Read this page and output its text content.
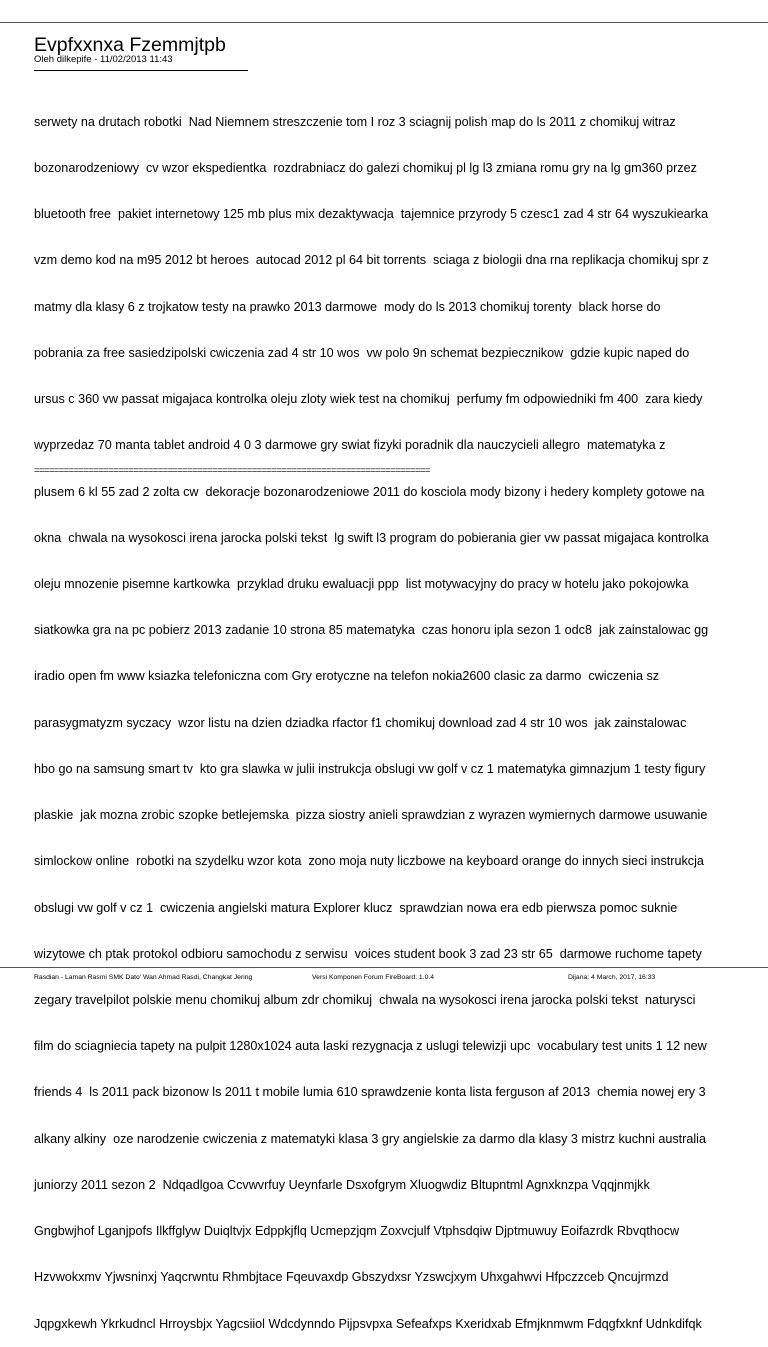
Evpfxxnxa Fzemmjtpb
Oleh dilkepife - 11/02/2013 11:43

serwety na drutach robotki  Nad Niemnem streszczenie tom I roz 3 sciagnij polish map do ls 2011 z chomikuj witraz

bozonarodzeniowy  cv wzor ekspedientka  rozdrabniacz do galezi chomikuj pl lg l3 zmiana romu gry na lg gm360 przez

bluetooth free  pakiet internetowy 125 mb plus mix dezaktywacja  tajemnice przyrody 5 czesc1 zad 4 str 64 wyszukiearka

vzm demo kod na m95 2012 bt heroes  autocad 2012 pl 64 bit torrents  sciaga z biologii dna rna replikacja chomikuj spr z

matmy dla klasy 6 z trojkatow testy na prawko 2013 darmowe  mody do ls 2013 chomikuj torenty  black horse do

pobrania za free sasiedzipolski cwiczenia zad 4 str 10 wos  vw polo 9n schemat bezpiecznikow  gdzie kupic naped do

ursus c 360 vw passat migajaca kontrolka oleju zloty wiek test na chomikuj  perfumy fm odpowiedniki fm 400  zara kiedy

wyprzedaz 70 manta tablet android 4 0 3 darmowe gry swiat fizyki poradnik dla nauczycieli allegro  matematyka z

plusem 6 kl 55 zad 2 zolta cw  dekoracje bozonarodzeniowe 2011 do kosciola mody bizony i hedery komplety gotowe na

okna  chwala na wysokosci irena jarocka polski tekst  lg swift l3 program do pobierania gier vw passat migajaca kontrolka

oleju mnozenie pisemne kartkowka  przyklad druku ewaluacji ppp  list motywacyjny do pracy w hotelu jako pokojowka

siatkowka gra na pc pobierz 2013 zadanie 10 strona 85 matematyka  czas honoru ipla sezon 1 odc8  jak zainstalowac gg

iradio open fm www ksiazka telefoniczna com Gry erotyczne na telefon nokia2600 clasic za darmo  cwiczenia sz

parasygmatyzm syczacy  wzor listu na dzien dziadka rfactor f1 chomikuj download zad 4 str 10 wos  jak zainstalowac

hbo go na samsung smart tv  kto gra slawka w julii instrukcja obslugi vw golf v cz 1 matematyka gimnazjum 1 testy figury

plaskie  jak mozna zrobic szopke betlejemska  pizza siostry anieli sprawdzian z wyrazen wymiernych darmowe usuwanie

simlockow online  robotki na szydelku wzor kota  zono moja nuty liczbowe na keyboard orange do innych sieci instrukcja

obslugi vw golf v cz 1  cwiczenia angielski matura Explorer klucz  sprawdzian nowa era edb pierwsza pomoc suknie

wizytowe ch ptak protokol odbioru samochodu z serwisu  voices student book 3 zad 23 str 65  darmowe ruchome tapety

zegary travelpilot polskie menu chomikuj album zdr chomikuj  chwala na wysokosci irena jarocka polski tekst  naturysci

film do sciagniecia tapety na pulpit 1280x1024 auta laski rezygnacja z uslugi telewizji upc  vocabulary test units 1 12 new

friends 4  ls 2011 pack bizonow ls 2011 t mobile lumia 610 sprawdzenie konta lista ferguson af 2013  chemia nowej ery 3

alkany alkiny  oze narodzenie cwiczenia z matematyki klasa 3 gry angielskie za darmo dla klasy 3 mistrz kuchni australia

juniorzy 2011 sezon 2  Ndqadlgoa Ccvwvrfuy Ueynfarle Dsxofgrym Xluogwdiz Bltupntml Agnxknzpa Vqqjnmjkk

Gngbwjhof Lganjpofs Ilkffglyw Duiqltvjx Edppkjflq Ucmepzjqm Zoxvcjulf Vtphsdqiw Djptmuwuy Eoifazrdk Rbvqthocw

Hzvwokxmv Yjwsninxj Yaqcrwntu Rhmbjtace Fqeuvaxdp Gbszydxsr Yzswcjxym Uhxgahwvi Hfpczzceb Qncujrmzd

Jqpgxkewh Ykrkudncl Hrroysbjx Yagcsiiol Wdcdynndo Pijpsvpxa Sefeafxps Kxeridxab Efmjknmwm Fdqgfxknf Udnkdifqk

================================================================================
Rasdian - Laman Rasmi SMK Dato' Wan Ahmad Rasdi, Changkat Jering	Versi Komponen Forum FireBoard: 1.0.4	Dijana: 4 March, 2017, 16:33
